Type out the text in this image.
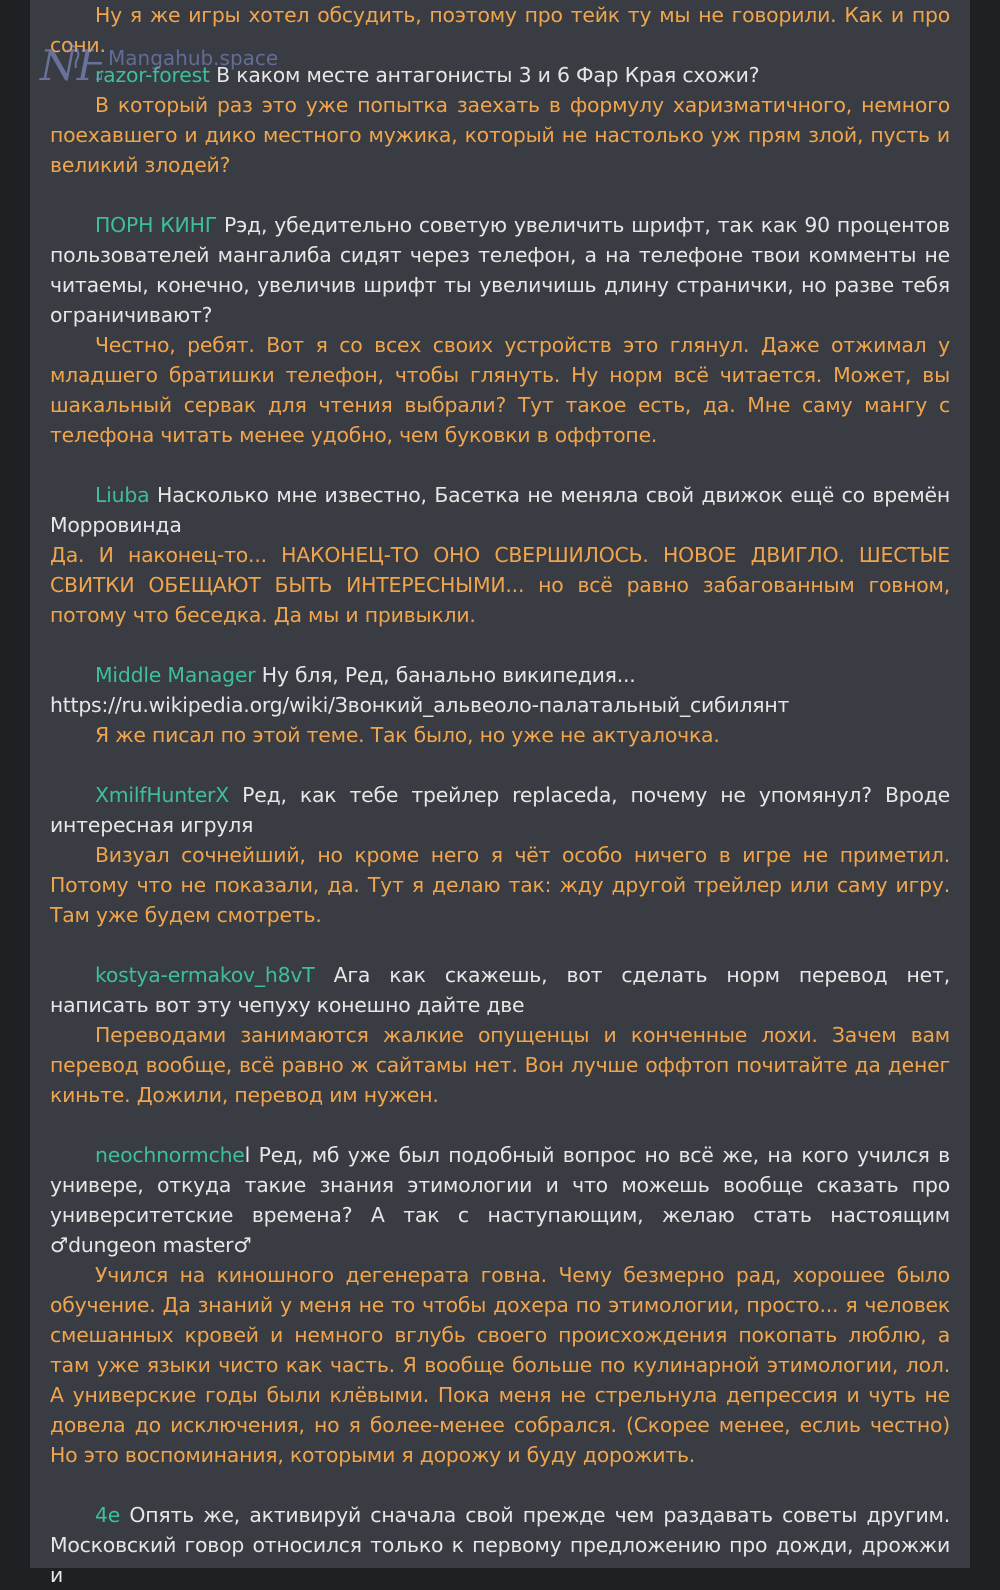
Ну я же игры хотел обсудить, поэтому про тейк ту мы не говорили. Как и про сони.

razor-forest В каком месте антагонисты 3 и 6 Фар Края схожи?

В который раз это уже попытка заехать в формулу харизматичного, немного поехавшего и дико местного мужика, который не настолько уж прям злой, пусть и великий злодей?

ПОРН КИНГ Рэд, убедительно советую увеличить шрифт, так как 90 процентов пользователей мангалиба сидят через телефон, а на телефоне твои комменты не читаемы, конечно, увеличив шрифт ты увеличишь длину странички, но разве тебя ограничивают?

Честно, ребят. Вот я со всех своих устройств это глянул. Даже отжимал у младшего братишки телефон, чтобы глянуть. Ну норм всё читается. Может, вы шакальный сервак для чтения выбрали? Тут такое есть, да. Мне саму мангу с телефона читать менее удобно, чем буковки в оффтопе.

Liuba Насколько мне известно, Басетка не меняла свой движок ещё со времён Морровинда

Да. И наконец-то... НАКОНЕЦ-ТО ОНО СВЕРШИЛОСЬ. НОВОЕ ДВИГЛО. ШЕСТЫЕ СВИТКИ ОБЕЩАЮТ БЫТЬ ИНТЕРЕСНЫМИ... но всё равно забагованным говном, потому что беседка. Да мы и привыкли.

Middle Manager Ну бля, Ред, банально википедия...

https://ru.wikipedia.org/wiki/Звонкий_альвеоло-палатальный_сибилянт

Я же писал по этой теме. Так было, но уже не актуалочка.

XmilfHunterX Ред, как тебе трейлер replaceda, почему не упомянул? Вроде интересная игруля

Визуал сочнейший, но кроме него я чёт особо ничего в игре не приметил. Потому что не показали, да. Тут я делаю так: жду другой трейлер или саму игру. Там уже будем смотреть.

kostya-ermakov_h8vT Ага как скажешь, вот сделать норм перевод нет, написать вот эту чепуху конешно дайте две

Переводами занимаются жалкие опущенцы и конченные лохи. Зачем вам перевод вообще, всё равно ж сайтамы нет. Вон лучше оффтоп почитайте да денег киньте. Дожили, перевод им нужен.

neochnormchel Ред, мб уже был подобный вопрос но всё же, на кого учился в универе, откуда такие знания этимологии и что можешь вообще сказать про университетские времена? А так с наступающим, желаю стать настоящим ♂dungeon master♂

Учился на киношного дегенерата говна. Чему безмерно рад, хорошее было обучение. Да знаний у меня не то чтобы дохера по этимологии, просто... я человек смешанных кровей и немного вглубь своего происхождения покопать люблю, а там уже языки чисто как часть. Я вообще больше по кулинарной этимологии, лол. А универские годы были клёвыми. Пока меня не стрельнула депрессия и чуть не довела до исключения, но я более-менее собрался. (Скорее менее, еслиь честно) Но это воспоминания, которыми я дорожу и буду дорожить.

4е Опять же, активируй сначала свой прежде чем раздавать советы другим. Московский говор относился только к первому предложению про дожди, дрожжи и

N	Mangahub.space
